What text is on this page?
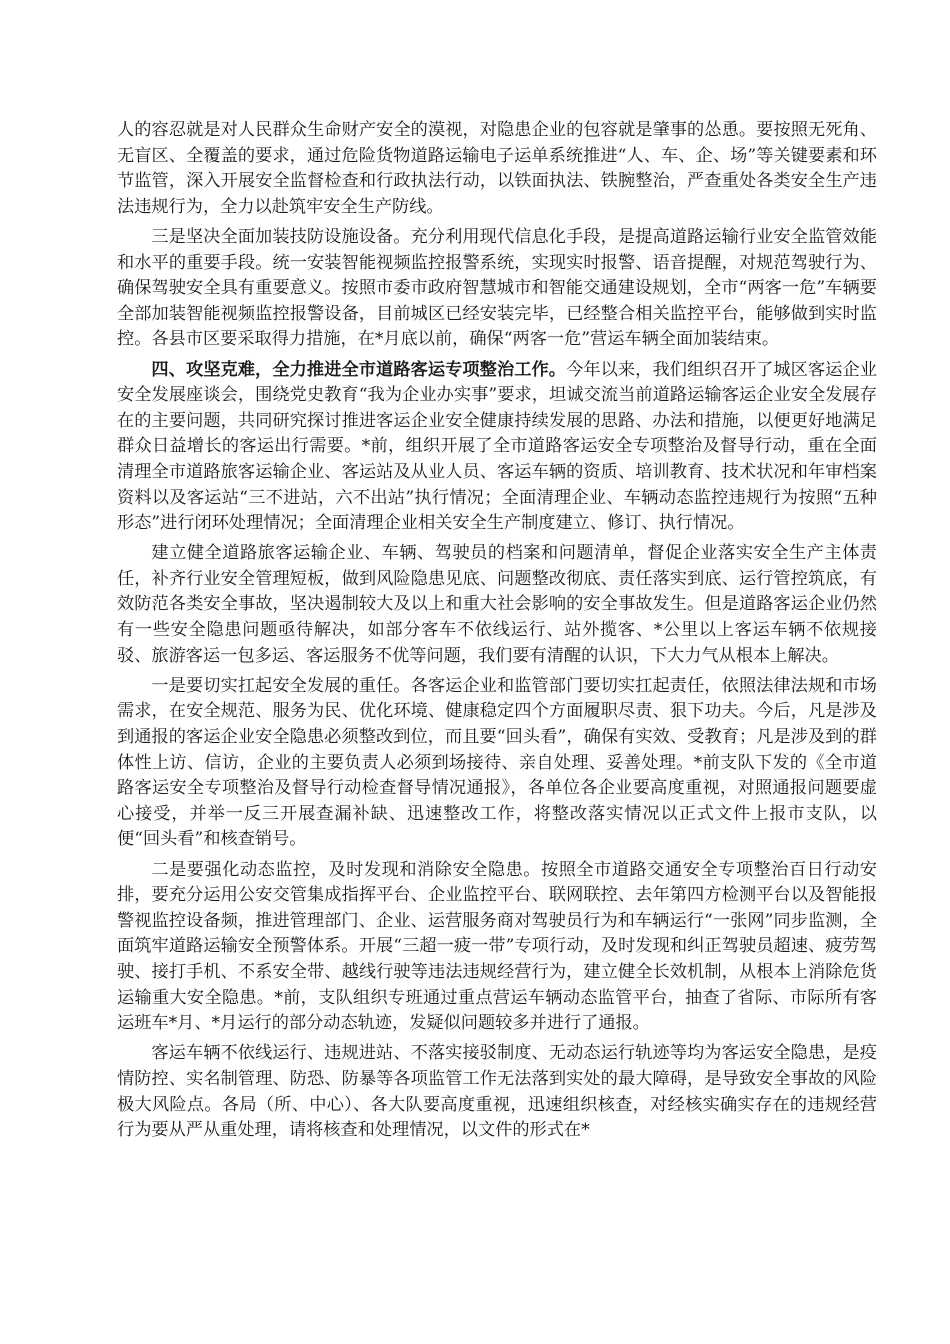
人的容忍就是对人民群众生命财产安全的漠视，对隐患企业的包容就是肇事的怂恿。要按照无死角、无盲区、全覆盖的要求，通过危险货物道路运输电子运单系统推进“人、车、企、场”等关键要素和环节监管，深入开展安全监督检查和行政执法行动，以铁面执法、铁腕整治，严查重处各类安全生产违法违规行为，全力以赴筑牢安全生产防线。

三是坚决全面加装技防设施设备。充分利用现代信息化手段，是提高道路运输行业安全监管效能和水平的重要手段。统一安装智能视频监控报警系统，实现实时报警、语音提醒，对规范驾驶行为、确保驾驶安全具有重要意义。按照市委市政府智慧城市和智能交通建设规划，全市“两客一危”车辆要全部加装智能视频监控报警设备，目前城区已经安装完毕，已经整合相关监控平台，能够做到实时监控。各县市区要采取得力措施，在*月底以前，确保“两客一危”营运车辆全面加装结束。

四、攻坚克难，全力推进全市道路客运专项整治工作。今年以来，我们组织召开了城区客运企业安全发展座谈会，围绕党史教育“我为企业办实事”要求，坦诚交流当前道路运输客运企业安全发展存在的主要问题，共同研究探讨推进客运企业安全健康持续发展的思路、办法和措施，以便更好地满足群众日益增长的客运出行需要。*前，组织开展了全市道路客运安全专项整治及督导行动，重在全面清理全市道路旅客运输企业、客运站及从业人员、客运车辆的资质、培训教育、技术状况和年审档案资料以及客运站“三不进站，六不出站”执行情况；全面清理企业、车辆动态监控违规行为按照“五种形态”进行闭环处理情况；全面清理企业相关安全生产制度建立、修订、执行情况。

建立健全道路旅客运输企业、车辆、驾驶员的档案和问题清单，督促企业落实安全生产主体责任，补齐行业安全管理短板，做到风险隐患见底、问题整改彻底、责任落实到底、运行管控筑底，有效防范各类安全事故，坚决遏制较大及以上和重大社会影响的安全事故发生。但是道路客运企业仍然有一些安全隐患问题亟待解决，如部分客车不依线运行、站外揽客、*公里以上客运车辆不依规接驳、旅游客运一包多运、客运服务不优等问题，我们要有清醒的认识，下大力气从根本上解决。

一是要切实扛起安全发展的重任。各客运企业和监管部门要切实扛起责任，依照法律法规和市场需求，在安全规范、服务为民、优化环境、健康稳定四个方面履职尽责、狠下功夫。今后，凡是涉及到通报的客运企业安全隐患必须整改到位，而且要“回头看”，确保有实效、受教育；凡是涉及到的群体性上访、信访，企业的主要负责人必须到场接待、亲自处理、妥善处理。*前支队下发的《全市道路客运安全专项整治及督导行动检查督导情况通报》，各单位各企业要高度重视，对照通报问题要虚心接受，并举一反三开展查漏补缺、迅速整改工作，将整改落实情况以正式文件上报市支队，以便“回头看”和核查销号。

二是要强化动态监控，及时发现和消除安全隐患。按照全市道路交通安全专项整治百日行动安排，要充分运用公安交管集成指挥平台、企业监控平台、联网联控、去年第四方检测平台以及智能报警视监控设备频，推进管理部门、企业、运营服务商对驾驶员行为和车辆运行“一张网”同步监测，全面筑牢道路运输安全预警体系。开展“三超一疲一带”专项行动，及时发现和纠正驾驶员超速、疲劳驾驶、接打手机、不系安全带、越线行驶等违法违规经营行为，建立健全长效机制，从根本上消除危货运输重大安全隐患。*前，支队组织专班通过重点营运车辆动态监管平台，抽查了省际、市际所有客运班车*月、*月运行的部分动态轨迹，发疑似问题较多并进行了通报。

客运车辆不依线运行、违规进站、不落实接驳制度、无动态运行轨迹等均为客运安全隐患，是疫情防控、实名制管理、防恐、防暴等各项监管工作无法落到实处的最大障碍，是导致安全事故的风险极大风险点。各局（所、中心）、各大队要高度重视，迅速组织核查，对经核实确实存在的违规经营行为要从严从重处理，请将核查和处理情况，以文件的形式在*
